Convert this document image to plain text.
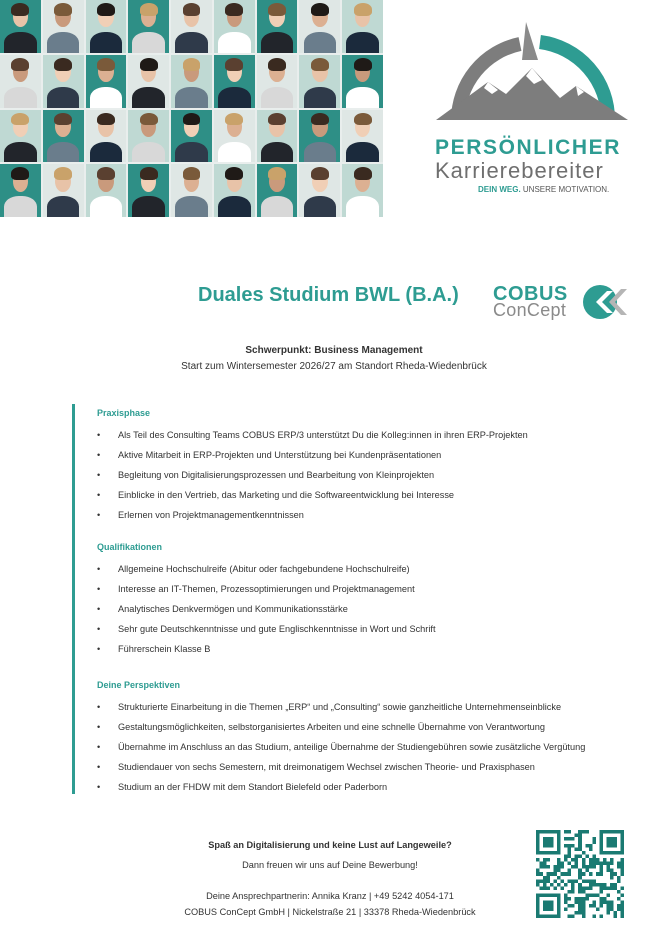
PERSÖNLICHER
Karrierebereiter
DEIN WEG. UNSERE MOTIVATION.
Duales Studium BWL (B.A.) COBUS
ConCept
Schwerpunkt: Business Management
Start zum Wintersemester 2026/27 am Standort Rheda-Wiedenbrück
Praxisphase
• Als Teil des Consulting Teams COBUS ERP/3 unterstützt Du die Kolleg:innen in ihren ERP-Projekten
• Aktive Mitarbeit in ERP-Projekten und Unterstützung bei Kundenpräsentationen
• Begleitung von Digitalisierungsprozessen und Bearbeitung von Kleinprojekten
• Einblicke in den Vertrieb, das Marketing und die Softwareentwicklung bei Interesse
• Erlernen von Projektmanagementkenntnissen
Qualifikationen
• Allgemeine Hochschulreife (Abitur oder fachgebundene Hochschulreife)
• Interesse an IT-Themen, Prozessoptimierungen und Projektmanagement
• Analytisches Denkvermögen und Kommunikationsstärke
• Sehr gute Deutschkenntnisse und gute Englischkenntnisse in Wort und Schrift
• Führerschein Klasse B
Deine Perspektiven
• Strukturierte Einarbeitung in die Themen „ERP“ und „Consulting“ sowie ganzheitliche Unternehmenseinblicke
• Gestaltungsmöglichkeiten, selbstorganisiertes Arbeiten und eine schnelle Übernahme von Verantwortung
• Übernahme im Anschluss an das Studium, anteilige Übernahme der Studiengebühren sowie zusätzliche Vergütung
• Studiendauer von sechs Semestern, mit dreimonatigem Wechsel zwischen Theorie- und Praxisphasen
• Studium an der FHDW mit dem Standort Bielefeld oder Paderborn
Spaß an Digitalisierung und keine Lust auf Langeweile?
Dann freuen wir uns auf Deine Bewerbung!
Deine Ansprechpartnerin: Annika Kranz | +49 5242 4054-171
COBUS ConCept GmbH | Nickelstraße 21 | 33378 Rheda-Wiedenbrück
